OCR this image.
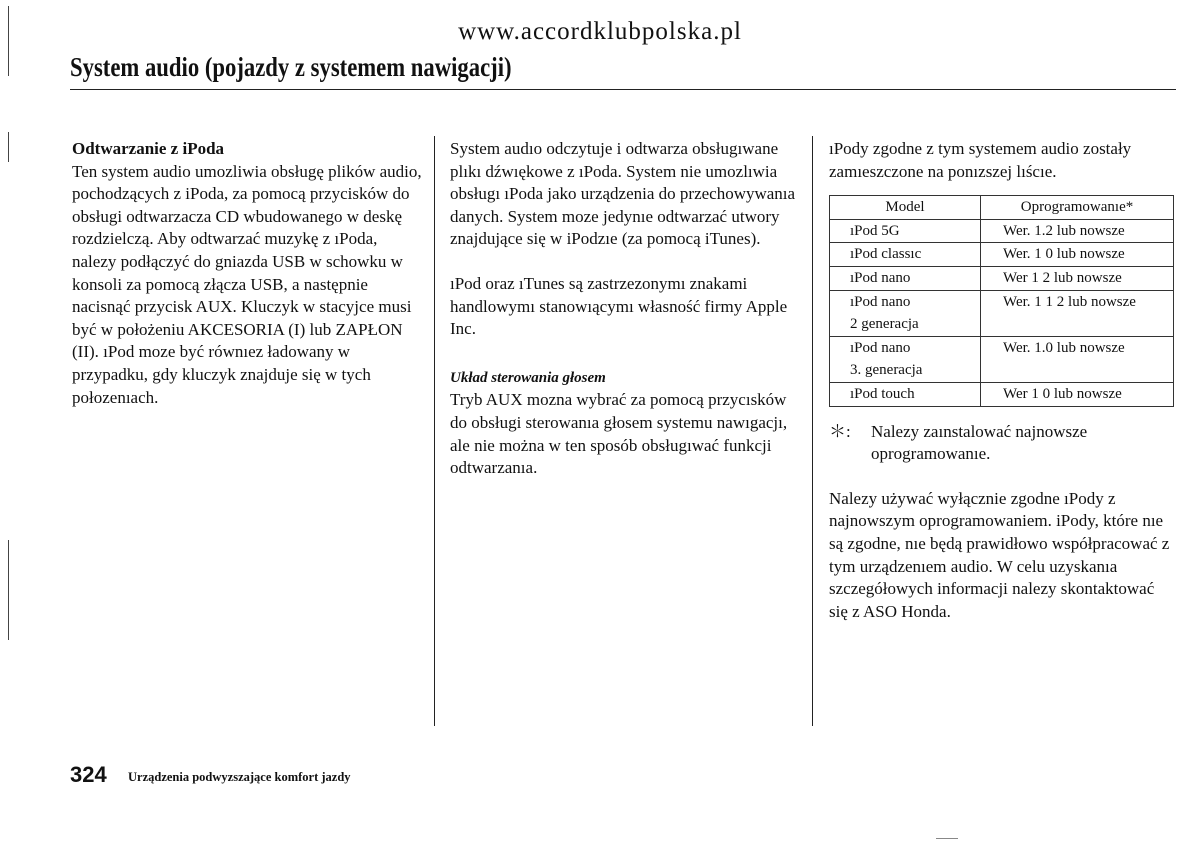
www.accordklubpolska.pl
System audio (pojazdy z systemem nawigacji)

Odtwarzanie z iPoda

Ten system audio umozliwia obsługę plików audio, pochodzących z iPoda, za pomocą przycisków do obsługi odtwarzacza CD wbudowanego w deskę rozdzielczą. Aby odtwarzać muzykę z ıPoda, nalezy podłączyć do gniazda USB w schowku w konsoli za pomocą złącza USB, a następnie nacisnąć przycisk AUX. Kluczyk w stacyjce musi być w położeniu AKCESORIA (I) lub ZAPŁON (II). ıPod moze być równıez ładowany w przypadku, gdy kluczyk znajduje się w tych połozenıach.

System audıo odczytuje i odtwarza obsługıwane plıkı dźwıękowe z ıPoda. System nie umozlıwia obsługı ıPoda jako urządzenia do przechowywanıa danych. System moze jedynıe odtwarzać utwory znajdujące się w iPodzıe (za pomocą iTunes).

ıPod oraz ıTunes są zastrzezonymı znakami handlowymı stanowıącymı własność firmy Apple Inc.

Układ sterowania głosem

Tryb AUX mozna wybrać za pomocą przycısków do obsługi sterowanıa głosem systemu nawıgacjı, ale nie można w ten sposób obsługıwać funkcji odtwarzanıa.

ıPody zgodne z tym systemem audio zostały zamıeszczone na ponızszej lıścıe.

Model	Oprogramowanıe*
ıPod 5G	Wer. 1.2 lub nowsze
ıPod classıc	Wer. 1 0 lub nowsze
ıPod nano	Wer 1 2 lub nowsze
ıPod nano
2 generacja	Wer. 1 1 2 lub nowsze
ıPod nano
3. generacja	Wer. 1.0 lub nowsze
ıPod touch	Wer 1 0 lub nowsze

＊:	Nalezy zaınstalować najnowsze oprogramowanıe.

Nalezy używać wyłącznie zgodne ıPody z najnowszym oprogramowaniem. iPody, które nıe są zgodne, nıe będą prawidłowo współpracować z tym urządzenıem audio. W celu uzyskanıa szczegółowych informacji nalezy skontaktować się z ASO Honda.

324 Urządzenia podwyzszające komfort jazdy
